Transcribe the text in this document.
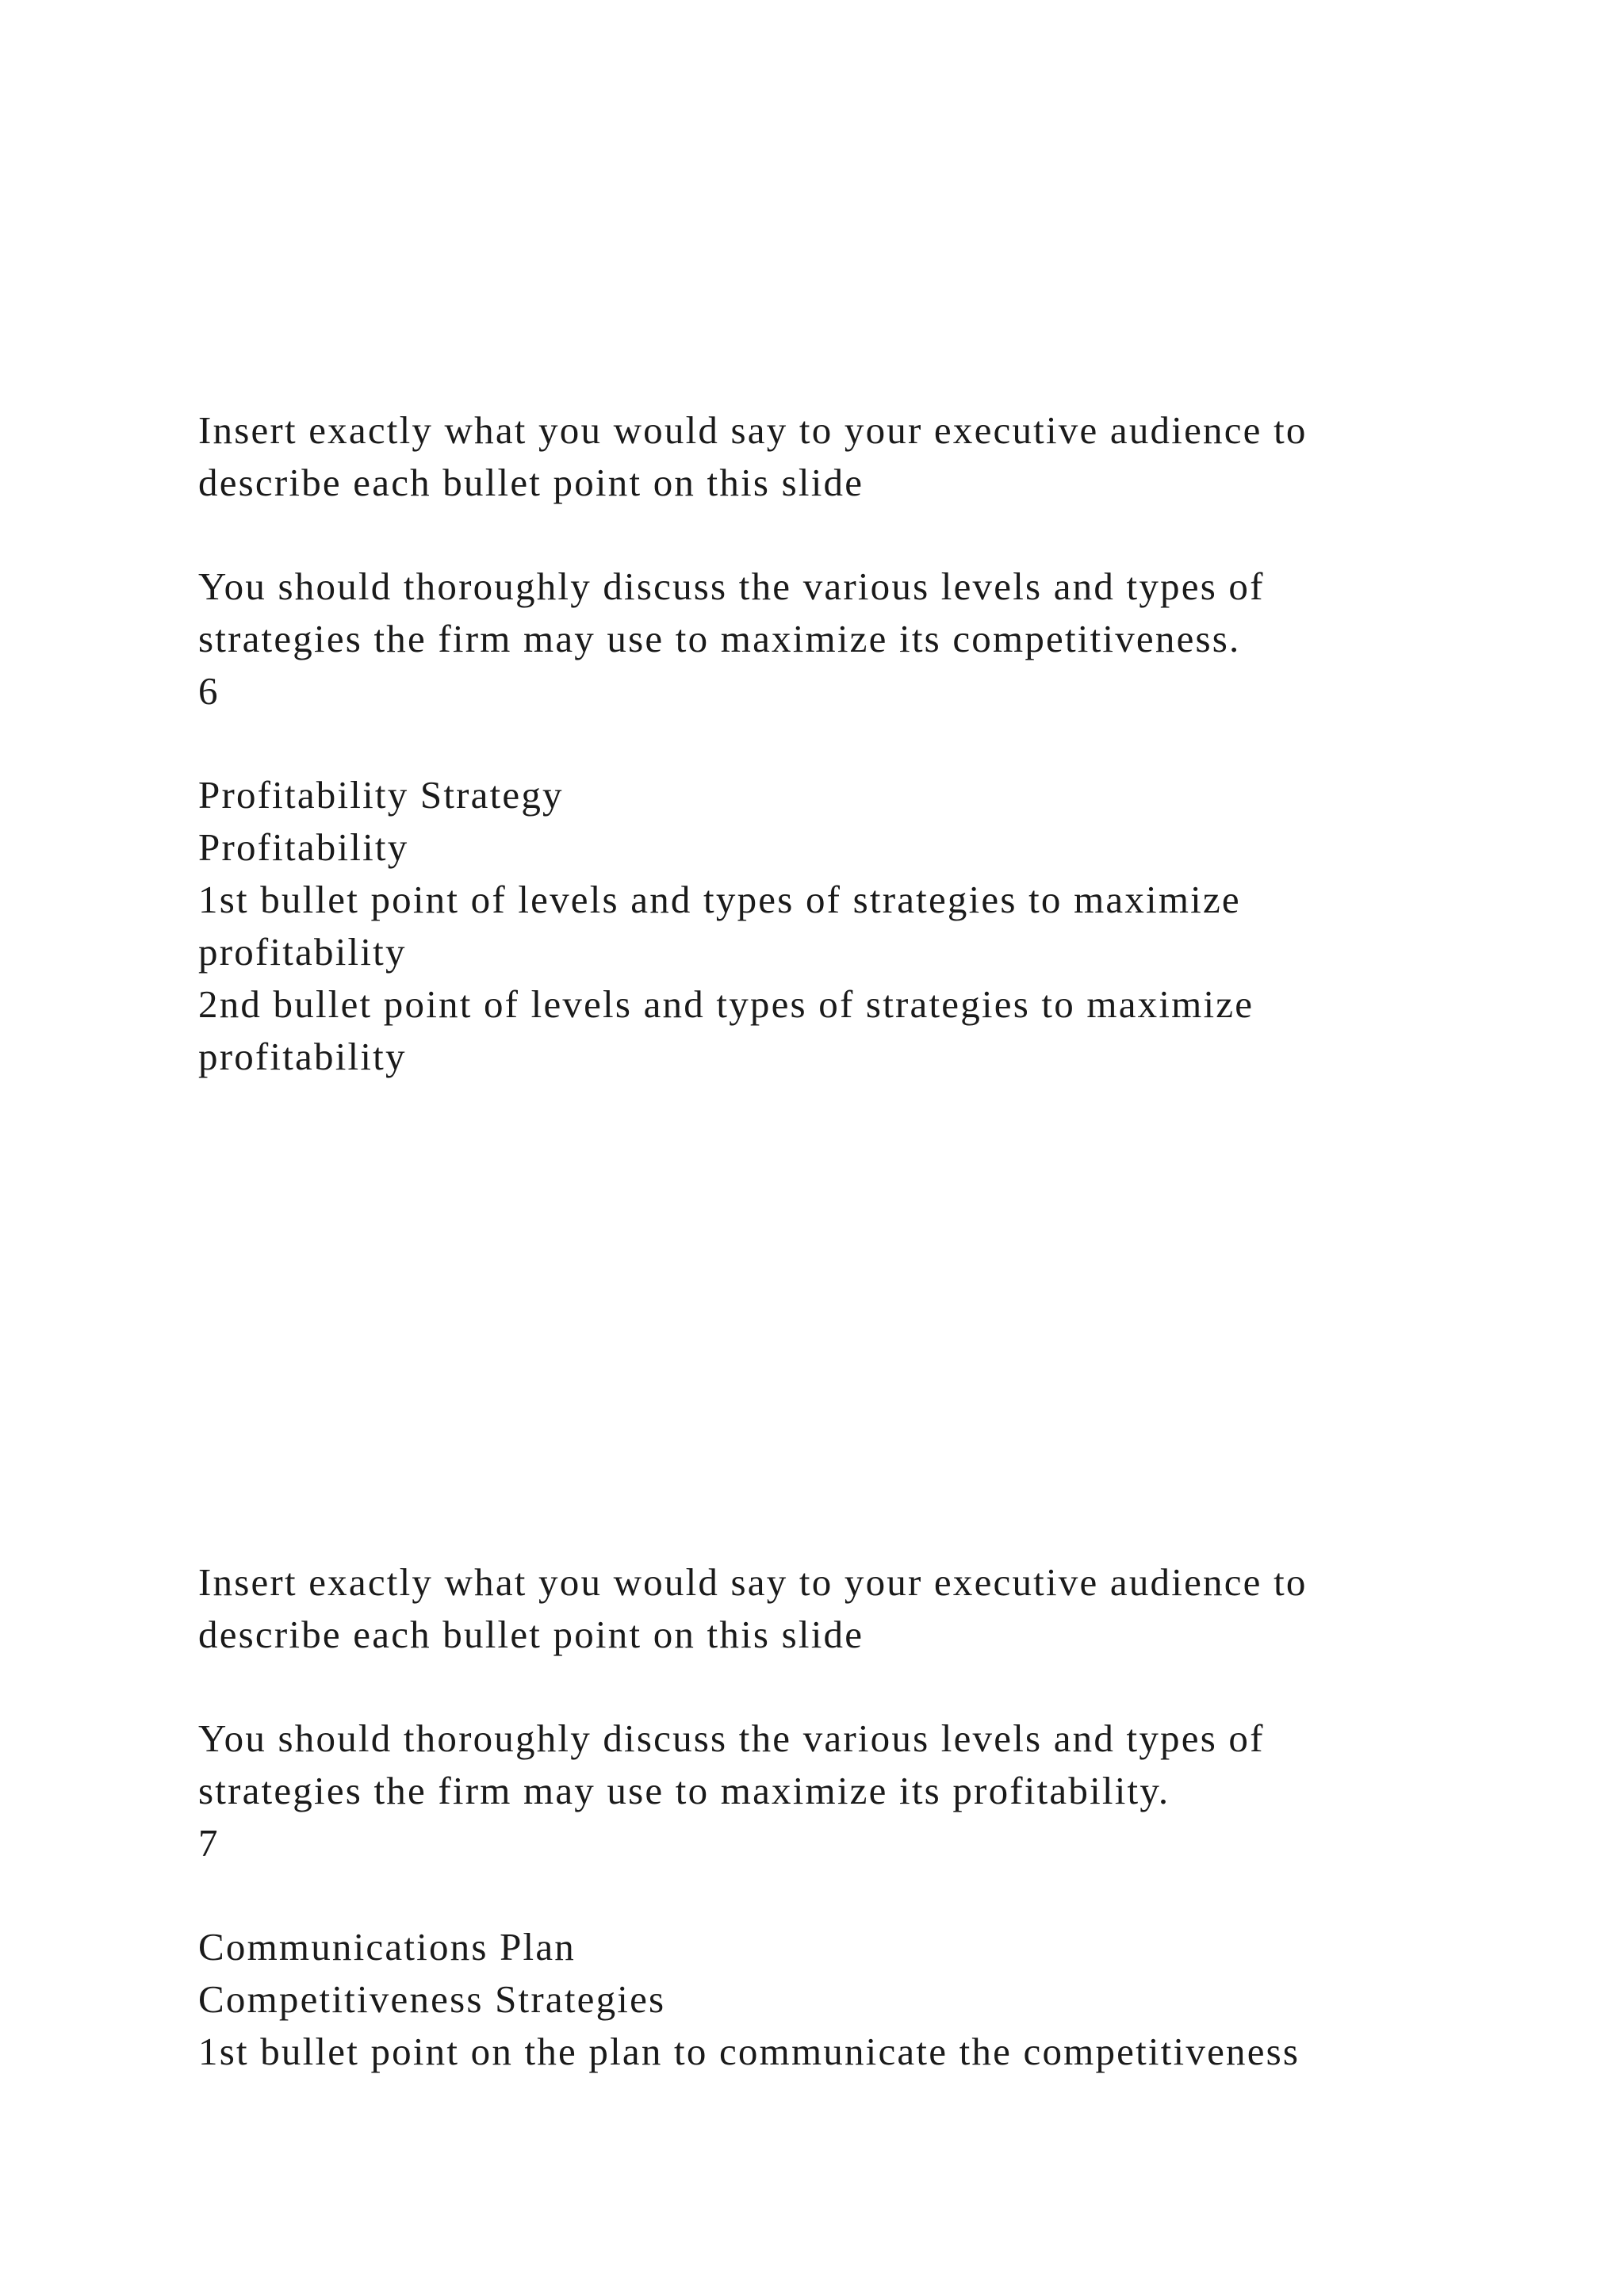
Insert exactly what you would say to your executive audience to

describe each bullet point on this slide

You should thoroughly discuss the various levels and types of

strategies the firm may use to maximize its competitiveness.

6

Profitability Strategy

Profitability

1st bullet point of levels and types of strategies to maximize

profitability

2nd bullet point of levels and types of strategies to maximize

profitability

Insert exactly what you would say to your executive audience to

describe each bullet point on this slide

You should thoroughly discuss the various levels and types of

strategies the firm may use to maximize its profitability.

7

Communications Plan

Competitiveness Strategies

1st bullet point on the plan to communicate the competitiveness
